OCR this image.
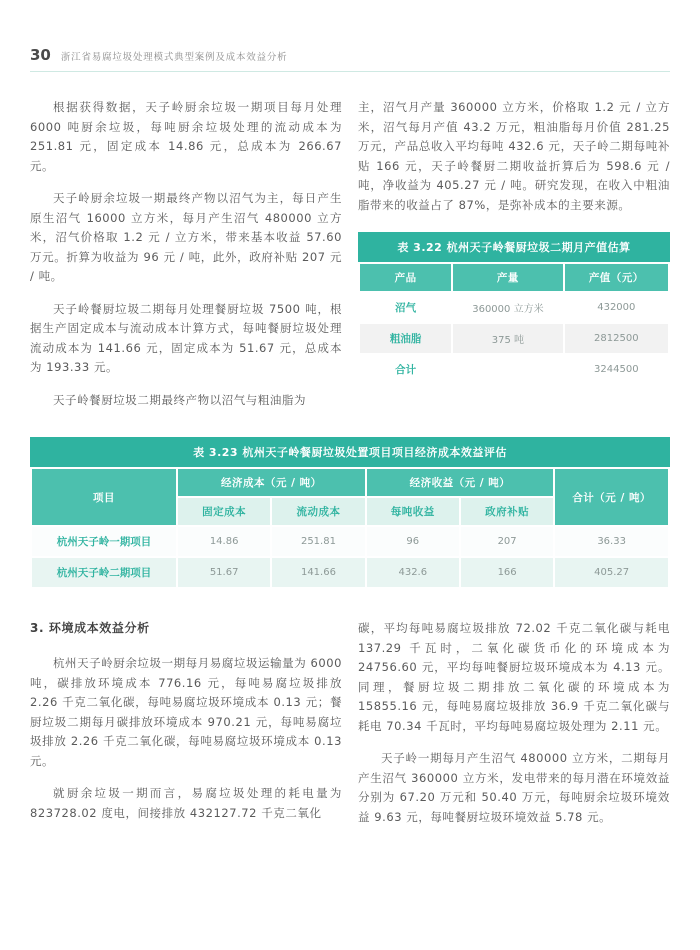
30 浙江省易腐垃圾处理模式典型案例及成本效益分析

根据获得数据，天子岭厨余垃圾一期项目每月处理 6000 吨厨余垃圾，每吨厨余垃圾处理的流动成本为 251.81 元，固定成本 14.86 元，总成本为 266.67 元。

天子岭厨余垃圾一期最终产物以沼气为主，每日产生原生沼气 16000 立方米，每月产生沼气 480000 立方米，沼气价格取 1.2 元 / 立方米，带来基本收益 57.60 万元。折算为收益为 96 元 / 吨，此外，政府补贴 207 元 / 吨。

天子岭餐厨垃圾二期每月处理餐厨垃圾 7500 吨，根据生产固定成本与流动成本计算方式，每吨餐厨垃圾处理流动成本为 141.66 元，固定成本为 51.67 元，总成本为 193.33 元。

天子岭餐厨垃圾二期最终产物以沼气与粗油脂为

主，沼气月产量 360000 立方米，价格取 1.2 元 / 立方米，沼气每月产值 43.2 万元，粗油脂每月价值 281.25 万元，产品总收入平均每吨 432.6 元，天子岭二期每吨补贴 166 元，天子岭餐厨二期收益折算后为 598.6 元 / 吨，净收益为 405.27 元 / 吨。研究发现，在收入中粗油脂带来的收益占了 87%，是弥补成本的主要来源。

表 3.22 杭州天子岭餐厨垃圾二期月产值估算
产品	产量	产值（元）
沼气	360000 立方米	432000
粗油脂	375 吨	2812500
合计		3244500
表 3.23 杭州天子岭餐厨垃圾处置项目项目经济成本效益评估
项目	经济成本（元 / 吨）		经济收益（元 / 吨）		合计（元 / 吨）
	固定成本	流动成本	每吨收益	政府补贴	
杭州天子岭一期项目	14.86	251.81	96	207	36.33
杭州天子岭二期项目	51.67	141.66	432.6	166	405.27
3. 环境成本效益分析

杭州天子岭厨余垃圾一期每月易腐垃圾运输量为 6000 吨，碳排放环境成本 776.16 元，每吨易腐垃圾排放 2.26 千克二氧化碳，每吨易腐垃圾环境成本 0.13 元；餐厨垃圾二期每月碳排放环境成本 970.21 元，每吨易腐垃圾排放 2.26 千克二氧化碳，每吨易腐垃圾环境成本 0.13 元。

就厨余垃圾一期而言，易腐垃圾处理的耗电量为 823728.02 度电，间接排放 432127.72 千克二氧化

碳，平均每吨易腐垃圾排放 72.02 千克二氧化碳与耗电 137.29 千瓦时，二氧化碳货币化的环境成本为 24756.60 元，平均每吨餐厨垃圾环境成本为 4.13 元。同理，餐厨垃圾二期排放二氧化碳的环境成本为 15855.16 元，每吨易腐垃圾排放 36.9 千克二氧化碳与耗电 70.34 千瓦时，平均每吨易腐垃圾处理为 2.11 元。

天子岭一期每月产生沼气 480000 立方米，二期每月产生沼气 360000 立方米，发电带来的每月潜在环境效益分别为 67.20 万元和 50.40 万元，每吨厨余垃圾环境效益 9.63 元，每吨餐厨垃圾环境效益 5.78 元。
